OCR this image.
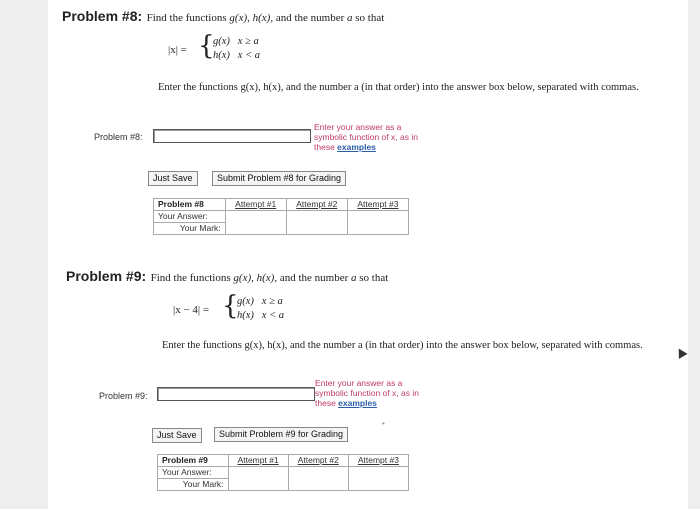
Problem #8: Find the functions g(x), h(x), and the number a so that
|x| = {
g(x) x ≥ a
h(x) x < a
Enter the functions g(x), h(x), and the number a (in that order) into the answer box below, separated with commas.
Problem #8:
Enter your answer as a
symbolic function of x, as in
these examples
Just Save	Submit Problem #8 for Grading
Problem #8	Attempt #1	Attempt #2	Attempt #3
Your Answer:			
Your Mark:			
Problem #9: Find the functions g(x), h(x), and the number a so that
|x − 4| = {
g(x) x ≥ a
h(x) x < a
Enter the functions g(x), h(x), and the number a (in that order) into the answer box below, separated with commas.
Problem #9:
Enter your answer as a
symbolic function of x, as in
these examples
Just Save	Submit Problem #9 for Grading
Problem #9	Attempt #1	Attempt #2	Attempt #3
Your Answer:			
Your Mark:			
•
